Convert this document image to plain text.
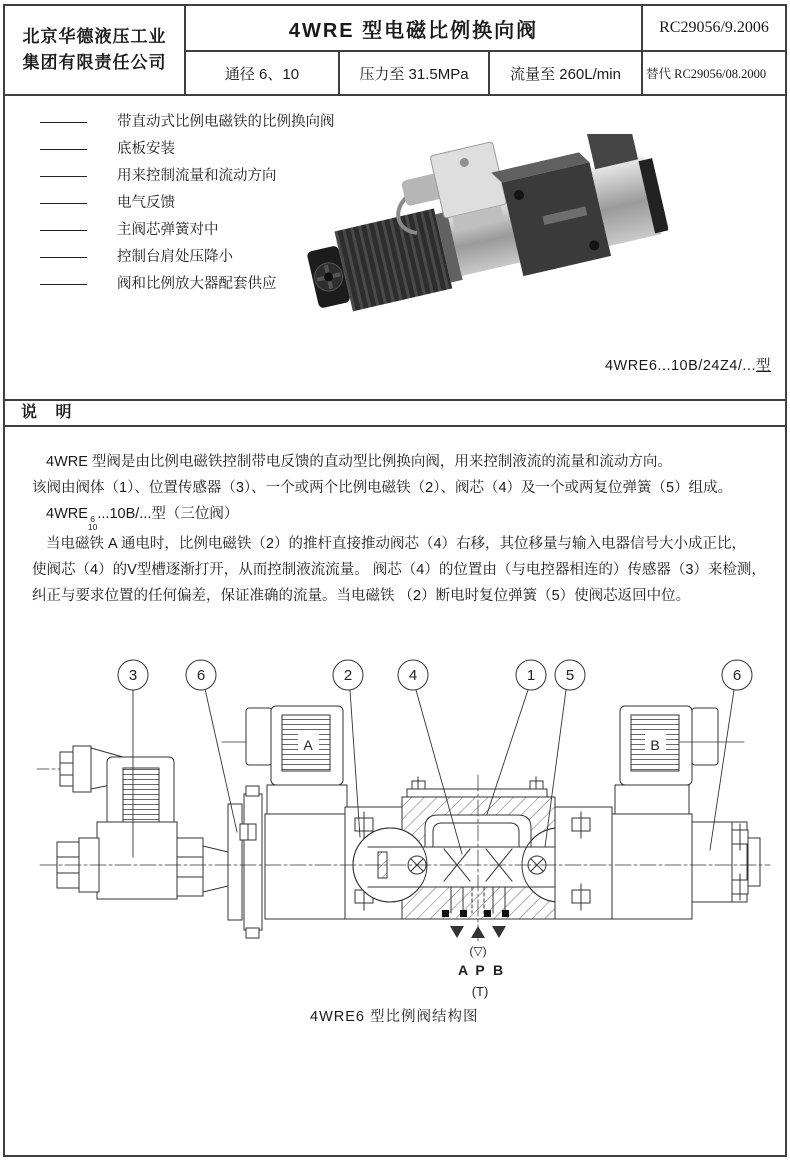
北京华德液压工业
集团有限责任公司
4WRE 型电磁比例换向阀
通径 6、10	压力至 31.5MPa	流量至 260L/min
RC29056/9.2006
替代 RC29056/08.2000
带直动式比例电磁铁的比例换向阀
底板安装
用来控制流量和流动方向
电气反馈
主阀芯弹簧对中
控制台肩处压降小
阀和比例放大器配套供应
4WRE6...10B/24Z4/...型
说 明
4WRE 型阀是由比例电磁铁控制带电反馈的直动型比例换向阀，用来控制液流的流量和流动方向。
该阀由阀体（1）、位置传感器（3）、一个或两个比例电磁铁（2）、阀芯（4）及一个或两复位弹簧（5）组成。
4WRE 6
10
...10B/...型（三位阀）
当电磁铁 A 通电时，比例电磁铁（2）的推杆直接推动阀芯（4）右移，其位移量与输入电器信号大小成正比，
使阀芯（4）的V型槽逐渐打开，从而控制液流流量。 阀芯（4）的位置由（与电控器相连的）传感器（3）来检测，
纠正与要求位置的任何偏差，保证准确的流量。当电磁铁 （2）断电时复位弹簧（5）使阀芯返回中位。
A	B
3	6	2	4	1 5	6
(▽)
A P B
(T)
4WRE6 型比例阀结构图
